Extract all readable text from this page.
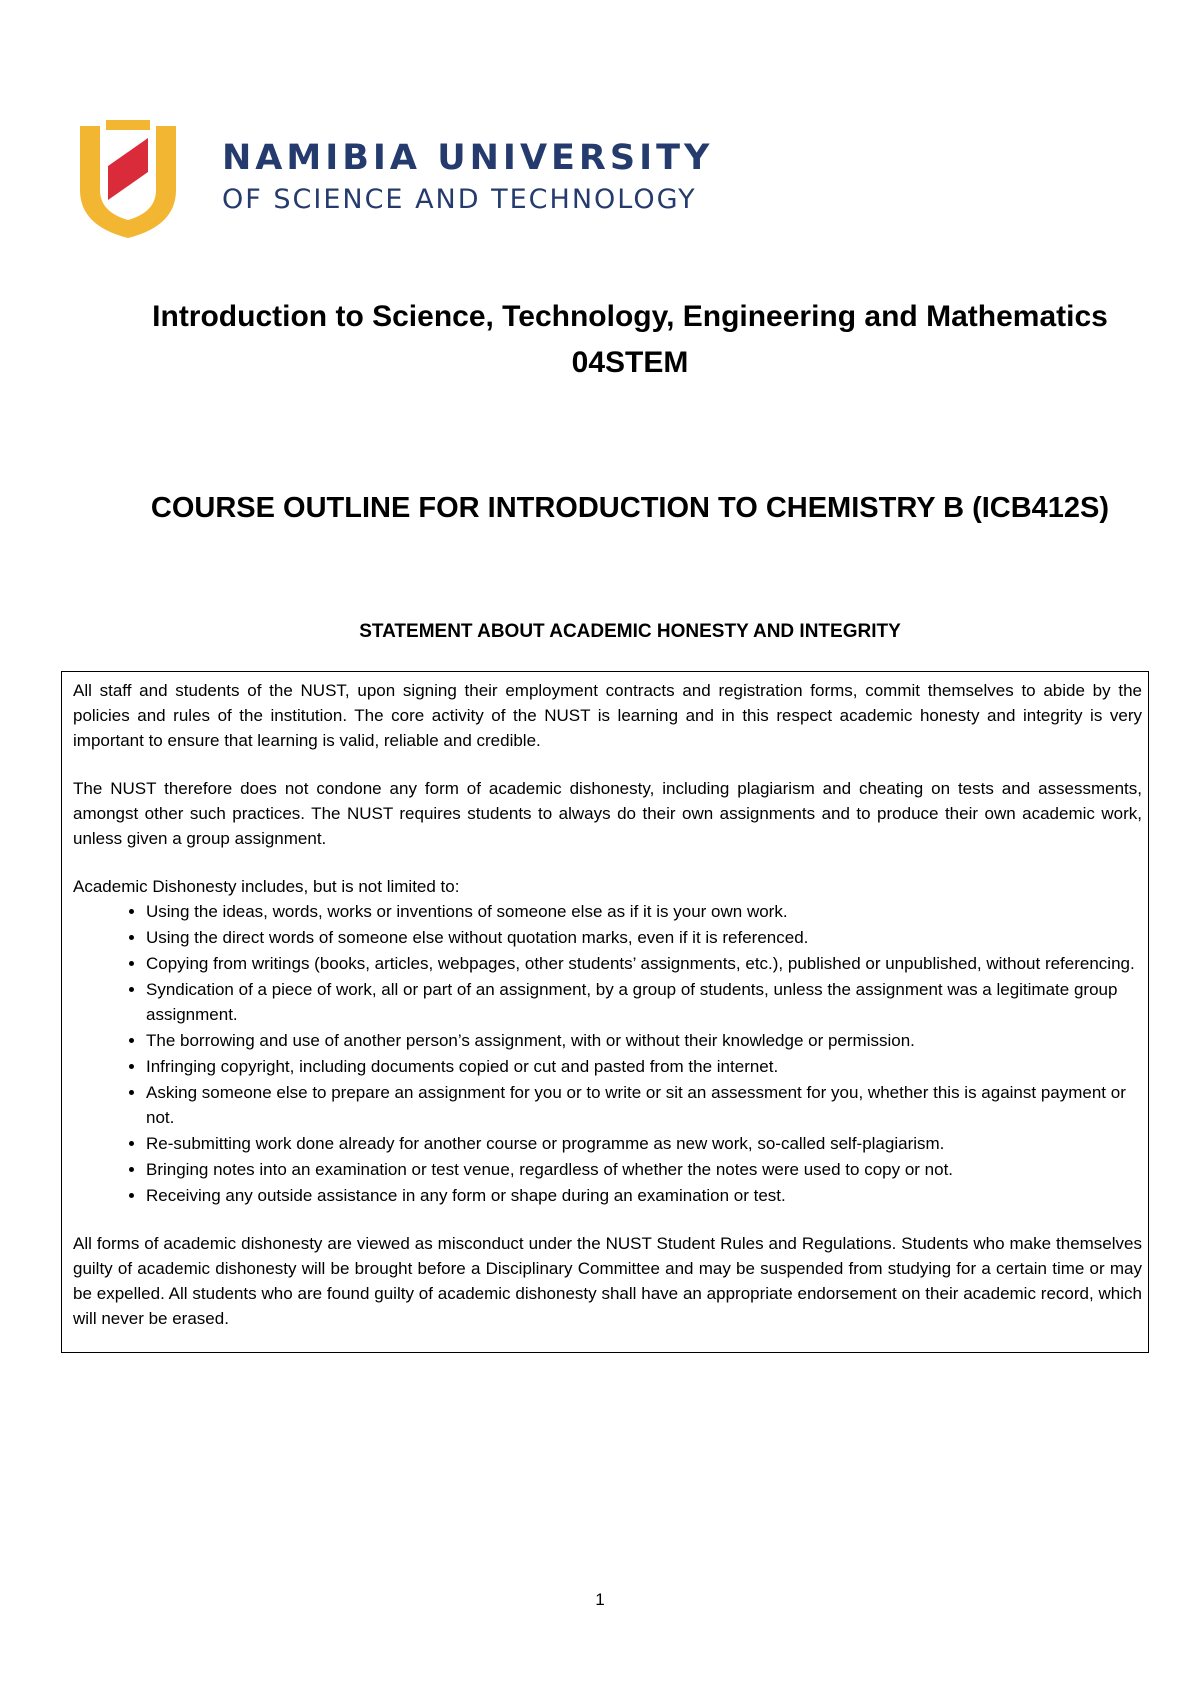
NAMIBIA UNIVERSITY
OF SCIENCE AND TECHNOLOGY
Introduction to Science, Technology, Engineering and Mathematics
04STEM
COURSE OUTLINE FOR INTRODUCTION TO CHEMISTRY B (ICB412S)
STATEMENT ABOUT ACADEMIC HONESTY AND INTEGRITY

All staff and students of the NUST, upon signing their employment contracts and registration forms, commit themselves to abide by the policies and rules of the institution. The core activity of the NUST is learning and in this respect academic honesty and integrity is very important to ensure that learning is valid, reliable and credible.

The NUST therefore does not condone any form of academic dishonesty, including plagiarism and cheating on tests and assessments, amongst other such practices. The NUST requires students to always do their own assignments and to produce their own academic work, unless given a group assignment.

Academic Dishonesty includes, but is not limited to:

• Using the ideas, words, works or inventions of someone else as if it is your own work.
• Using the direct words of someone else without quotation marks, even if it is referenced.
• Copying from writings (books, articles, webpages, other students’ assignments, etc.), published or unpublished, without referencing.
• Syndication of a piece of work, all or part of an assignment, by a group of students, unless the assignment was a legitimate group assignment.
• The borrowing and use of another person’s assignment, with or without their knowledge or permission.
• Infringing copyright, including documents copied or cut and pasted from the internet.
• Asking someone else to prepare an assignment for you or to write or sit an assessment for you, whether this is against payment or not.
• Re-submitting work done already for another course or programme as new work, so-called self-plagiarism.
• Bringing notes into an examination or test venue, regardless of whether the notes were used to copy or not.
• Receiving any outside assistance in any form or shape during an examination or test.

All forms of academic dishonesty are viewed as misconduct under the NUST Student Rules and Regulations. Students who make themselves guilty of academic dishonesty will be brought before a Disciplinary Committee and may be suspended from studying for a certain time or may be expelled. All students who are found guilty of academic dishonesty shall have an appropriate endorsement on their academic record, which will never be erased.

1
